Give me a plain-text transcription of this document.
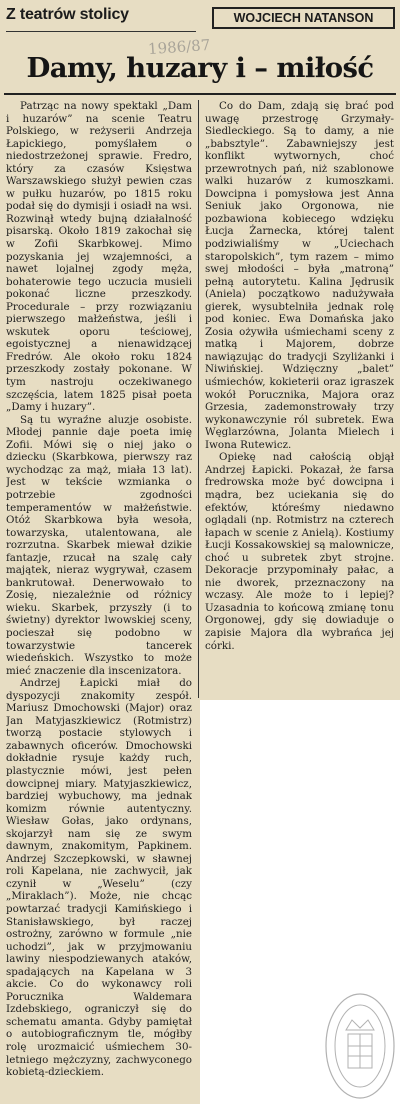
Z teatrów stolicy	WOJCIECH NATANSON
1986/87
Damy, huzary i – miłość

Patrząc na nowy spektakl „Dam i huzarów” na scenie Teatru Polskiego, w reżyserii Andrzeja Łapickiego, pomyślałem o niedostrzeżonej sprawie. Fredro, który za czasów Księstwa Warszawskiego służył pewien czas w pułku huzarów, po 1815 roku podał się do dymisji i osiadł na wsi. Rozwinął wtedy bujną działalność pisarską. Około 1819 zakochał się w Zofii Skarbkowej. Mimo pozyskania jej wzajemności, a nawet lojalnej zgody męża, bohaterowie tego uczucia musieli pokonać liczne przeszkody. Procedurale – przy rozwiązaniu pierwszego małżeństwa, jeśli i wskutek oporu teściowej, egoistycznej a nienawidzącej Fredrów. Ale około roku 1824 przeszkody zostały pokonane. W tym nastroju oczekiwanego szczęścia, latem 1825 pisał poeta „Damy i huzary”.

Są tu wyraźne aluzje osobiste. Młodej pannie daje poeta imię Zofii. Mówi się o niej jako o dziecku (Skarbkowa, pierwszy raz wychodząc za mąż, miała 13 lat). Jest w tekście wzmianka o potrzebie zgodności temperamentów w małżeństwie. Otóż Skarbkowa była wesoła, towarzyska, utalentowana, ale rozrzutna. Skarbek miewał dzikie fantazje, rzucał na szalę cały majątek, nieraz wygrywał, czasem bankrutował. Denerwowało to Zosię, niezależnie od różnicy wieku. Skarbek, przyszły (i to świetny) dyrektor lwowskiej sceny, pocieszał się podobno w towarzystwie tancerek wiedeńskich. Wszystko to może mieć znaczenie dla inscenizatora.

Andrzej Łapicki miał do dyspozycji znakomity zespół. Mariusz Dmochowski (Major) oraz Jan Matyjaszkiewicz (Rotmistrz) tworzą postacie stylowych i zabawnych oficerów. Dmochowski dokładnie rysuje każdy ruch, plastycznie mówi, jest pełen dowcipnej miary. Matyjaszkiewicz, bardziej wybuchowy, ma jednak komizm równie autentyczny. Wiesław Gołas, jako ordynans, skojarzył nam się ze swym dawnym, znakomitym, Papkinem. Andrzej Szczepkowski, w sławnej roli Kapelana, nie zachwycił, jak czynił w „Weselu” (czy „Miraklach”). Może, nie chcąc powtarzać tradycji Kamińskiego i Stanisławskiego, był raczej ostrożny, zarówno w formule „nie uchodzi”, jak w przyjmowaniu lawiny niespodziewanych ataków, spadających na Kapelana w 3 akcie. Co do wykonawcy roli Porucznika Waldemara Izdebskiego, ograniczył się do schematu amanta. Gdyby pamiętał o autobiograficznym tle, mógłby rolę urozmaicić uśmiechem 30-letniego mężczyzny, zachwyconego kobietą-dzieckiem.

Co do Dam, zdają się brać pod uwagę przestrogę Grzymały-Siedleckiego. Są to damy, a nie „babsztyle”. Zabawniejszy jest konflikt wytwornych, choć przewrotnych pań, niż szablonowe walki huzarów z kumoszkami. Dowcipna i pomysłowa jest Anna Seniuk jako Orgonowa, nie pozbawiona kobiecego wdzięku Łucja Żarnecka, której talent podziwialiśmy w „Uciechach staropolskich”, tym razem – mimo swej młodości – była „matroną” pełną autorytetu. Kalina Jędrusik (Aniela) początkowo nadużywała gierek, wysubtelniła jednak rolę pod koniec. Ewa Domańska jako Zosia ożywiła uśmiechami sceny z matką i Majorem, dobrze nawiązując do tradycji Szyliżanki i Niwińskiej. Wdzięczny „balet” uśmiechów, kokieterii oraz igraszek wokół Porucznika, Majora oraz Grzesia, zademonstrowały trzy wykonawczynie ról subretek. Ewa Węglarzówna, Jolanta Mielech i Iwona Rutewicz.

Opiekę nad całością objął Andrzej Łapicki. Pokazał, że farsa fredrowska może być dowcipna i mądra, bez uciekania się do efektów, któreśmy niedawno oglądali (np. Rotmistrz na czterech łapach w scenie z Anielą). Kostiumy Łucji Kossakowskiej są malownicze, choć u subretek zbyt strojne. Dekoracje przypominały pałac, a nie dworek, przeznaczony na wczasy. Ale może to i lepiej? Uzasadnia to końcową zmianę tonu Orgonowej, gdy się dowiaduje o zapisie Majora dla wybrańca jej córki.
